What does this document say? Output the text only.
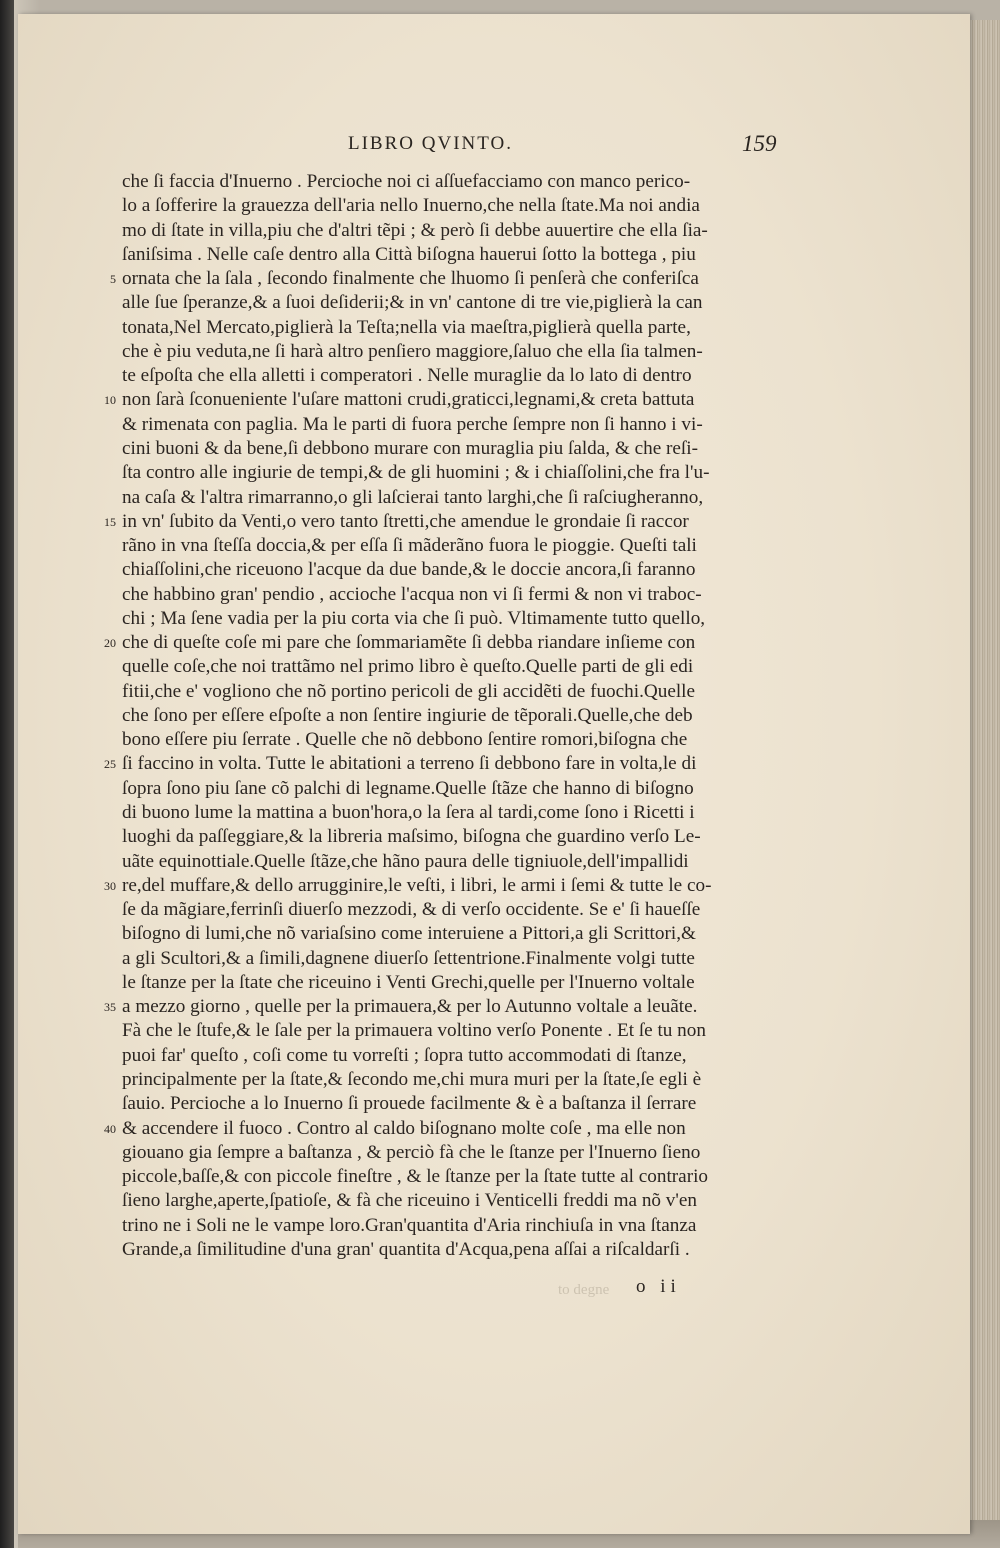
LIBRO QVINTO.	159
5
10
15
20
25
30
35
40
che ſi faccia d'Inuerno . Percioche noi ci aſſuefacciamo con manco perico-
lo a ſofferire la grauezza dell'aria nello Inuerno,che nella ſtate.Ma noi andia
mo di ſtate in villa,piu che d'altri tẽpi ; & però ſi debbe auuertire che ella ſia-
ſaniſsima . Nelle caſe dentro alla Città biſogna hauerui ſotto la bottega , piu
ornata che la ſala , ſecondo finalmente che lhuomo ſi penſerà che conferiſca
alle ſue ſperanze,& a ſuoi deſiderii;& in vn' cantone di tre vie,piglierà la can
tonata,Nel Mercato,piglierà la Teſta;nella via maeſtra,piglierà quella parte,
che è piu veduta,ne ſi harà altro penſiero maggiore,ſaluo che ella ſia talmen-
te eſpoſta che ella alletti i comperatori . Nelle muraglie da lo lato di dentro
non ſarà ſconueniente l'uſare mattoni crudi,graticci,legnami,& creta battuta
& rimenata con paglia. Ma le parti di fuora perche ſempre non ſi hanno i vi-
cini buoni & da bene,ſi debbono murare con muraglia piu ſalda, & che reſi-
ſta contro alle ingiurie de tempi,& de gli huomini ; & i chiaſſolini,che fra l'u-
na caſa & l'altra rimarranno,o gli laſcierai tanto larghi,che ſi raſciugheranno,
in vn' ſubito da Venti,o vero tanto ſtretti,che amendue le grondaie ſi raccor
rãno in vna ſteſſa doccia,& per eſſa ſi mãderãno fuora le pioggie. Queſti tali
chiaſſolini,che riceuono l'acque da due bande,& le doccie ancora,ſi faranno
che habbino gran' pendio , accioche l'acqua non vi ſi fermi & non vi traboc-
chi ; Ma ſene vadia per la piu corta via che ſi può. Vltimamente tutto quello,
che di queſte coſe mi pare che ſommariamẽte ſi debba riandare inſieme con
quelle coſe,che noi trattãmo nel primo libro è queſto.Quelle parti de gli edi
fitii,che e' vogliono che nõ portino pericoli de gli accidẽti de fuochi.Quelle
che ſono per eſſere eſpoſte a non ſentire ingiurie de tẽporali.Quelle,che deb
bono eſſere piu ſerrate . Quelle che nõ debbono ſentire romori,biſogna che
ſi faccino in volta. Tutte le abitationi a terreno ſi debbono fare in volta,le di
ſopra ſono piu ſane cõ palchi di legname.Quelle ſtãze che hanno di biſogno
di buono lume la mattina a buon'hora,o la ſera al tardi,come ſono i Ricetti i
luoghi da paſſeggiare,& la libreria maſsimo, biſogna che guardino verſo Le-
uãte equinottiale.Quelle ſtãze,che hãno paura delle tigniuole,dell'impallidi
re,del muffare,& dello arrugginire,le veſti, i libri, le armi i ſemi & tutte le co-
ſe da mãgiare,ferrinſi diuerſo mezzodi, & di verſo occidente. Se e' ſi haueſſe
biſogno di lumi,che nõ variaſsino come interuiene a Pittori,a gli Scrittori,&
a gli Scultori,& a ſimili,dagnene diuerſo ſettentrione.Finalmente volgi tutte
le ſtanze per la ſtate che riceuino i Venti Grechi,quelle per l'Inuerno voltale
a mezzo giorno , quelle per la primauera,& per lo Autunno voltale a leuãte.
Fà che le ſtufe,& le ſale per la primauera voltino verſo Ponente . Et ſe tu non
puoi far' queſto , coſi come tu vorreſti ; ſopra tutto accommodati di ſtanze,
principalmente per la ſtate,& ſecondo me,chi mura muri per la ſtate,ſe egli è
ſauio. Percioche a lo Inuerno ſi prouede facilmente & è a baſtanza il ſerrare
& accendere il fuoco . Contro al caldo biſognano molte coſe , ma elle non
giouano gia ſempre a baſtanza , & perciò fà che le ſtanze per l'Inuerno ſieno
piccole,baſſe,& con piccole fineſtre , & le ſtanze per la ſtate tutte al contrario
ſieno larghe,aperte,ſpatioſe, & fà che riceuino i Venticelli freddi ma nõ v'en
trino ne i Soli ne le vampe loro.Gran'quantita d'Aria rinchiuſa in vna ſtanza
Grande,a ſimilitudine d'una gran' quantita d'Acqua,pena aſſai a riſcaldarſi .
to degne o ii
